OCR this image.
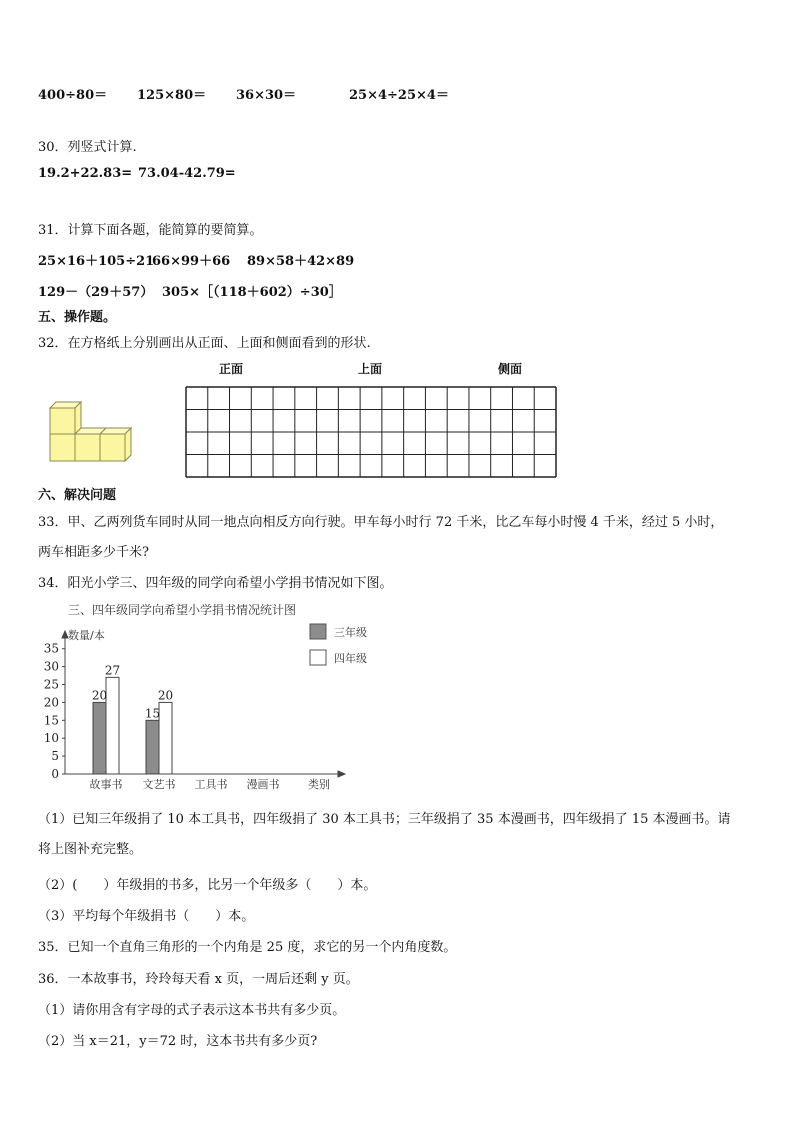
400÷80＝ 125×80＝ 36×30＝	25×4÷25×4＝
30．列竖式计算.
19.2+22.83= 73.04-42.79=
31．计算下面各题，能简算的要简算。
25×16＋105÷21
66×99＋66 89×58＋42×89
129－（29＋57） 305×［（118＋602）÷30］
五、操作题。
32．在方格纸上分别画出从正面、上面和侧面看到的形状.
正面	上面	侧面
六、解决问题
33．甲、乙两列货车同时从同一地点向相反方向行驶。甲车每小时行 72 千米，比乙车每小时慢 4 千米，经过 5 小时，
两车相距多少千米?
34．阳光小学三、四年级的同学向希望小学捐书情况如下图。
三、四年级同学向希望小学捐书情况统计图
数量/本
0
5
10
15
20
25
30
35
20
27
15
20
故事书 文艺书 工具书 漫画书	类别
三年级
四年级
（1）已知三年级捐了 10 本工具书，四年级捐了 30 本工具书；三年级捐了 35 本漫画书，四年级捐了 15 本漫画书。请
将上图补充完整。
（2）(　　）年级捐的书多，比另一个年级多（　　）本。
（3）平均每个年级捐书（　　）本。
35．已知一个直角三角形的一个内角是 25 度，求它的另一个内角度数。
36．一本故事书，玲玲每天看 x 页，一周后还剩 y 页。
（1）请你用含有字母的式子表示这本书共有多少页。
（2）当 x＝21，y＝72 时，这本书共有多少页?
